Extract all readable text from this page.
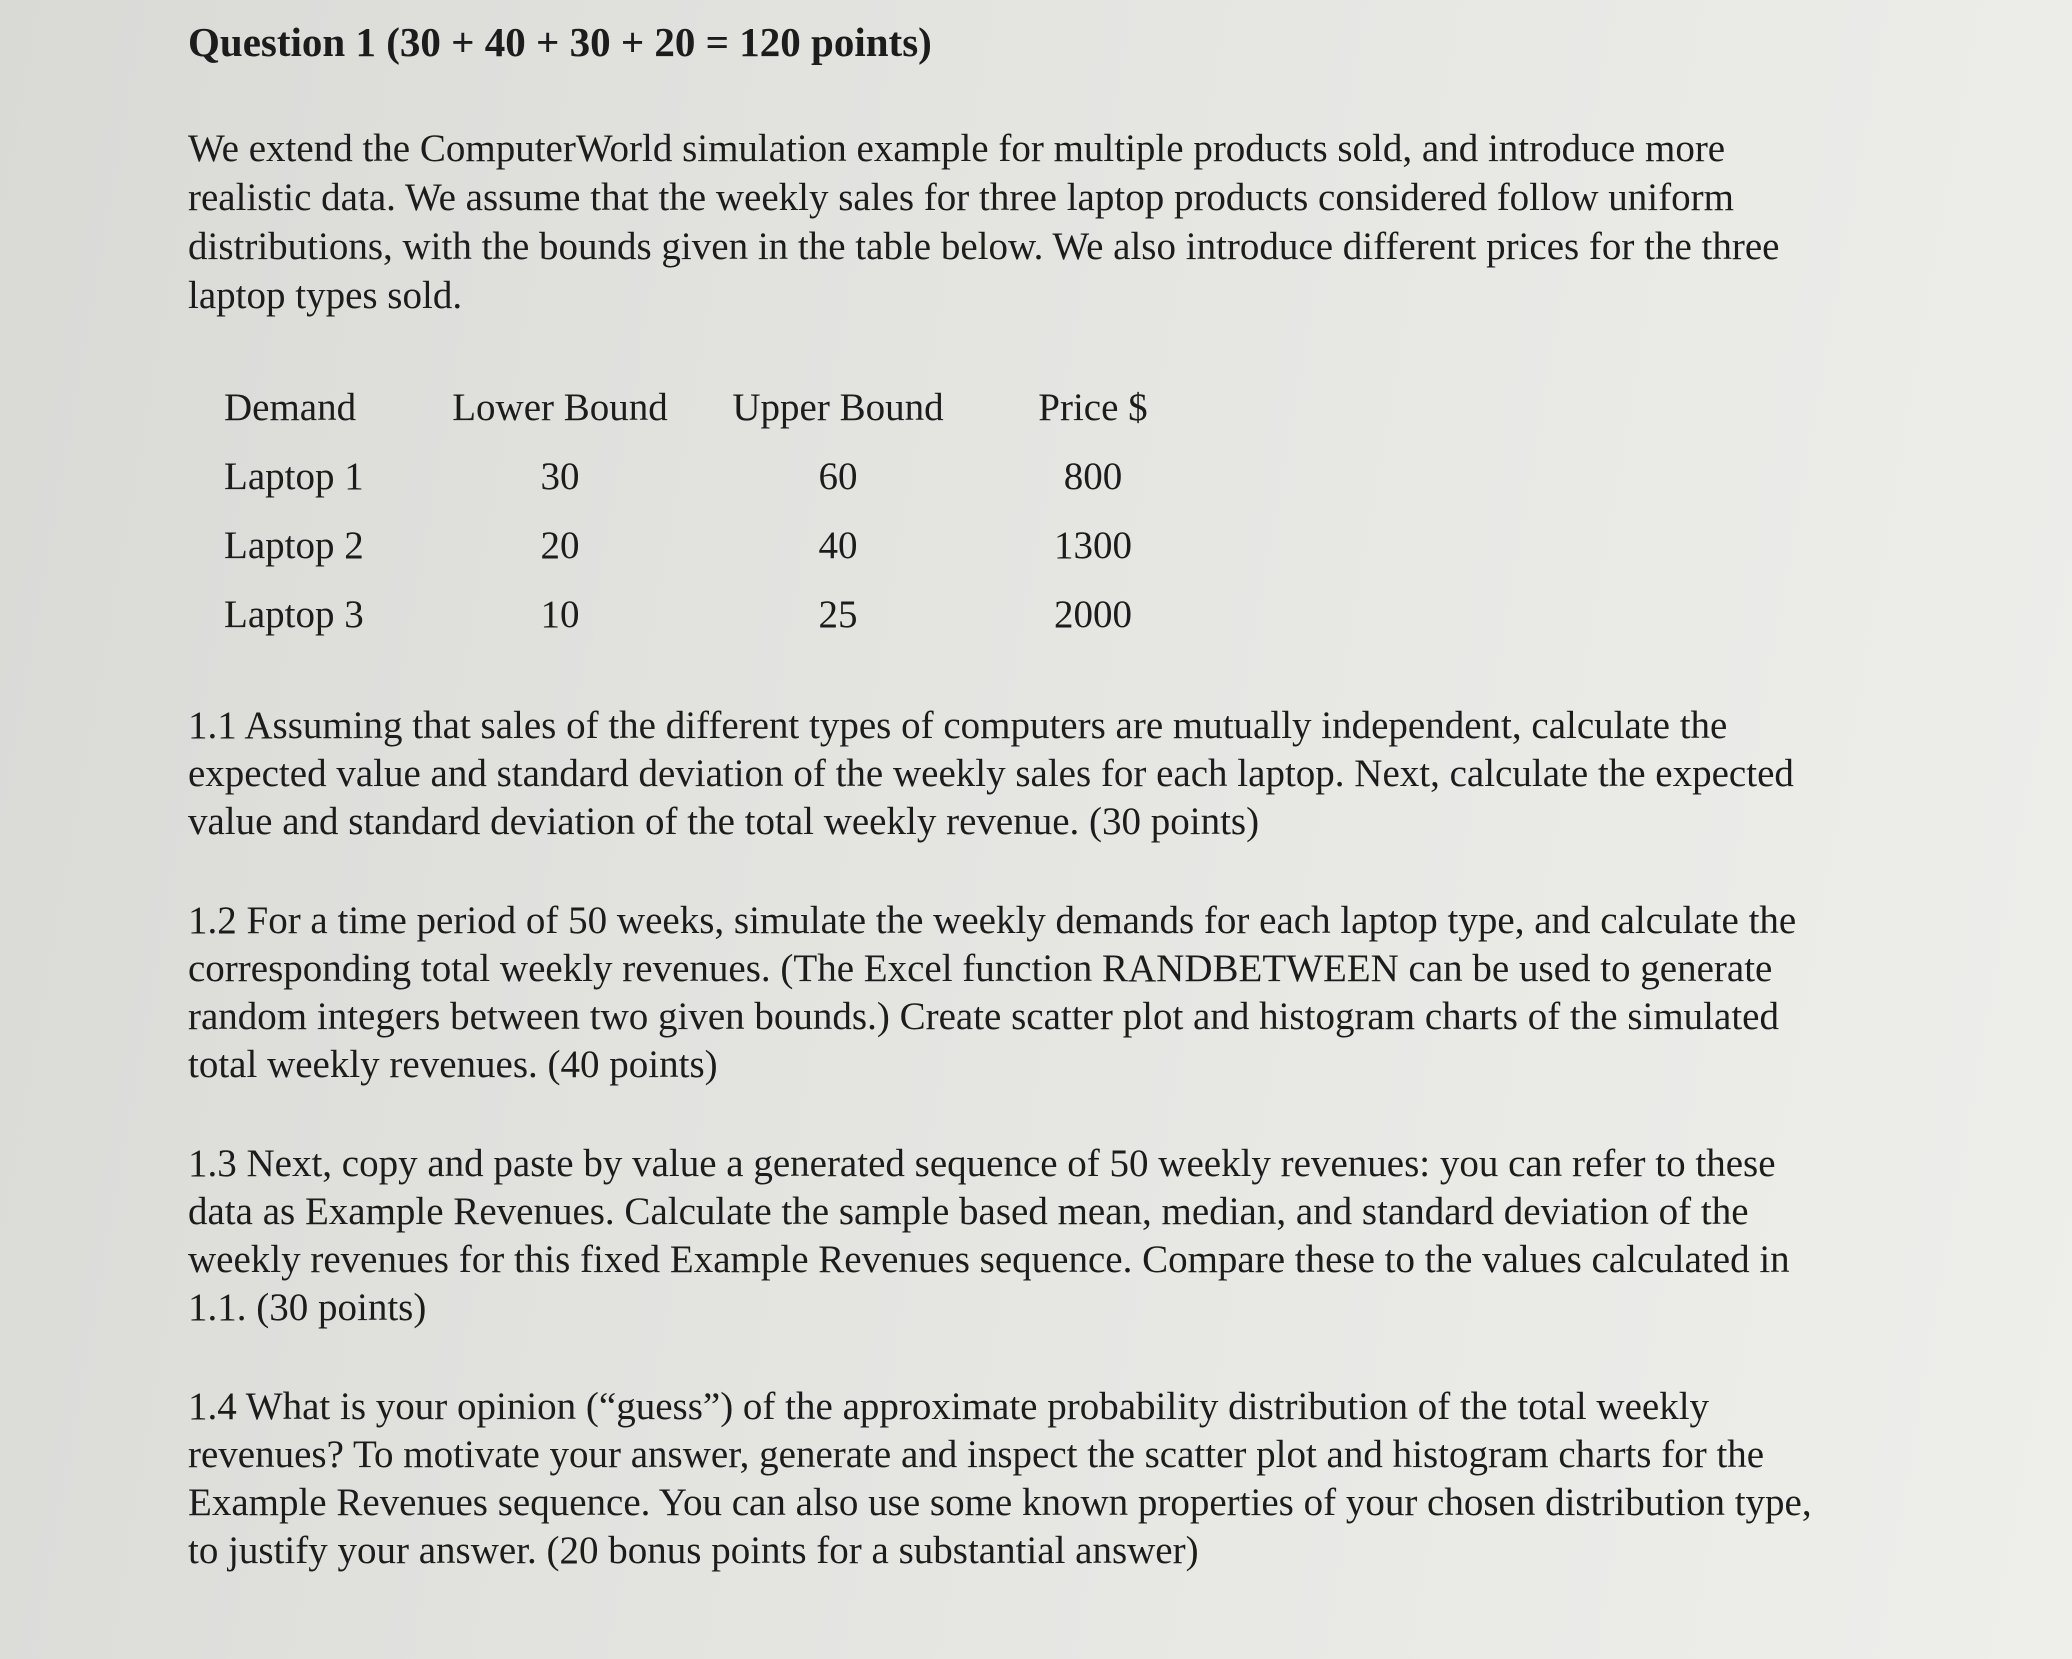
Question 1 (30 + 40 + 30 + 20 = 120 points)

We extend the ComputerWorld simulation example for multiple products sold, and introduce more realistic data. We assume that the weekly sales for three laptop products considered follow uniform distributions, with the bounds given in the table below. We also introduce different prices for the three laptop types sold.

Demand	Lower Bound	Upper Bound	Price $
Laptop 1	30	60	800
Laptop 2	20	40	1300
Laptop 3	10	25	2000

1.1 Assuming that sales of the different types of computers are mutually independent, calculate the expected value and standard deviation of the weekly sales for each laptop. Next, calculate the expected value and standard deviation of the total weekly revenue. (30 points)

1.2 For a time period of 50 weeks, simulate the weekly demands for each laptop type, and calculate the corresponding total weekly revenues. (The Excel function RANDBETWEEN can be used to generate random integers between two given bounds.) Create scatter plot and histogram charts of the simulated total weekly revenues. (40 points)

1.3 Next, copy and paste by value a generated sequence of 50 weekly revenues: you can refer to these data as Example Revenues. Calculate the sample based mean, median, and standard deviation of the weekly revenues for this fixed Example Revenues sequence. Compare these to the values calculated in 1.1. (30 points)

1.4 What is your opinion (“guess”) of the approximate probability distribution of the total weekly revenues? To motivate your answer, generate and inspect the scatter plot and histogram charts for the Example Revenues sequence. You can also use some known properties of your chosen distribution type, to justify your answer. (20 bonus points for a substantial answer)
